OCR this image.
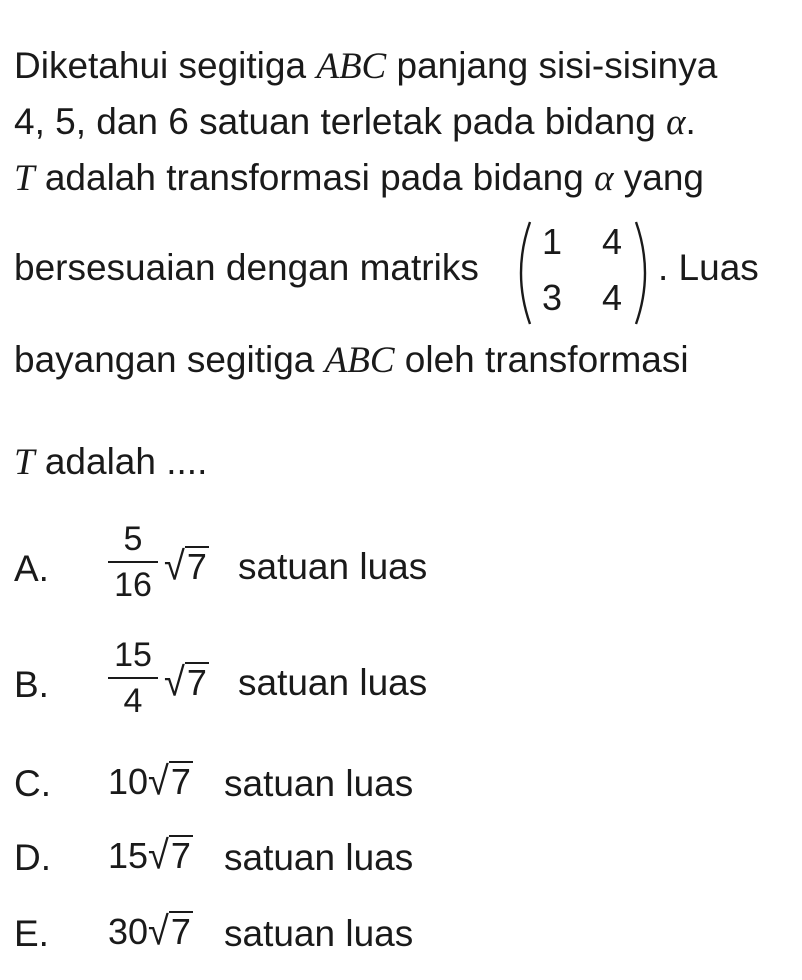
Diketahui segitiga ABC panjang sisi-sisinya
4, 5, dan 6 satuan terletak pada bidang α.
T adalah transformasi pada bidang α yang
bersesuaian dengan matriks
1 4
3 4
. Luas
bayangan segitiga ABC oleh transformasi
T adalah ....
A.
5
16 √7 satuan luas
B.
15
4 √7 satuan luas
C. 10√7 satuan luas
D. 15√7 satuan luas
E. 30√7 satuan luas
